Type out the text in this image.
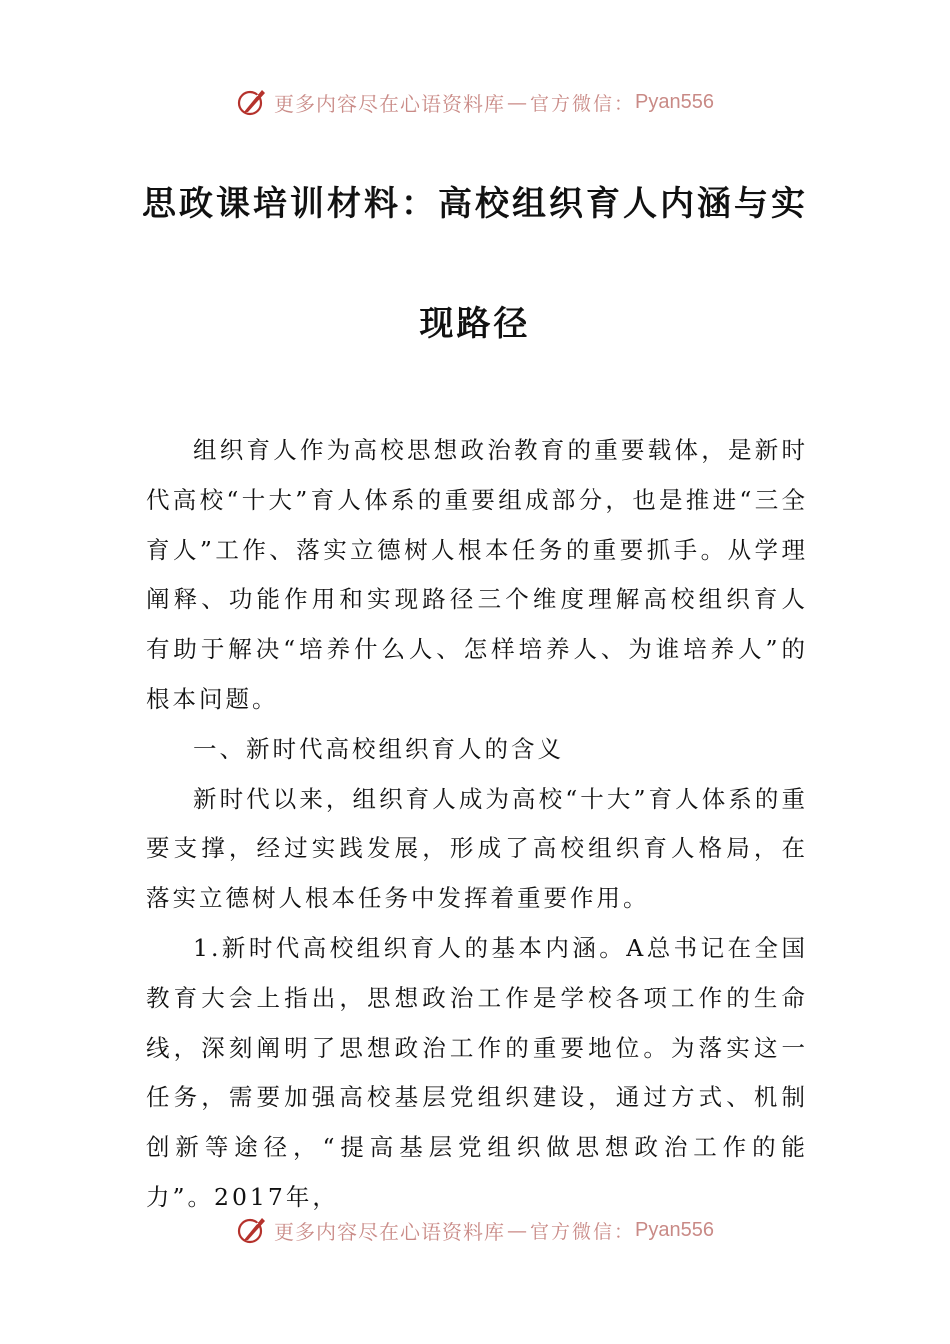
更多内容尽在心语资料库 — 官方微信： Pyan556
思政课培训材料：高校组织育人内涵与实
现路径

组织育人作为高校思想政治教育的重要载体，是新时代高校“十大”育人体系的重要组成部分，也是推进“三全育人”工作、落实立德树人根本任务的重要抓手。从学理阐释、功能作用和实现路径三个维度理解高校组织育人有助于解决“培养什么人、怎样培养人、为谁培养人”的根本问题。

一、新时代高校组织育人的含义

新时代以来，组织育人成为高校“十大”育人体系的重要支撑，经过实践发展，形成了高校组织育人格局，在落实立德树人根本任务中发挥着重要作用。

1.新时代高校组织育人的基本内涵。A总书记在全国教育大会上指出，思想政治工作是学校各项工作的生命线，深刻阐明了思想政治工作的重要地位。为落实这一任务，需要加强高校基层党组织建设，通过方式、机制创新等途径，“提高基层党组织做思想政治工作的能力”。2017年，

更多内容尽在心语资料库 — 官方微信： Pyan556
